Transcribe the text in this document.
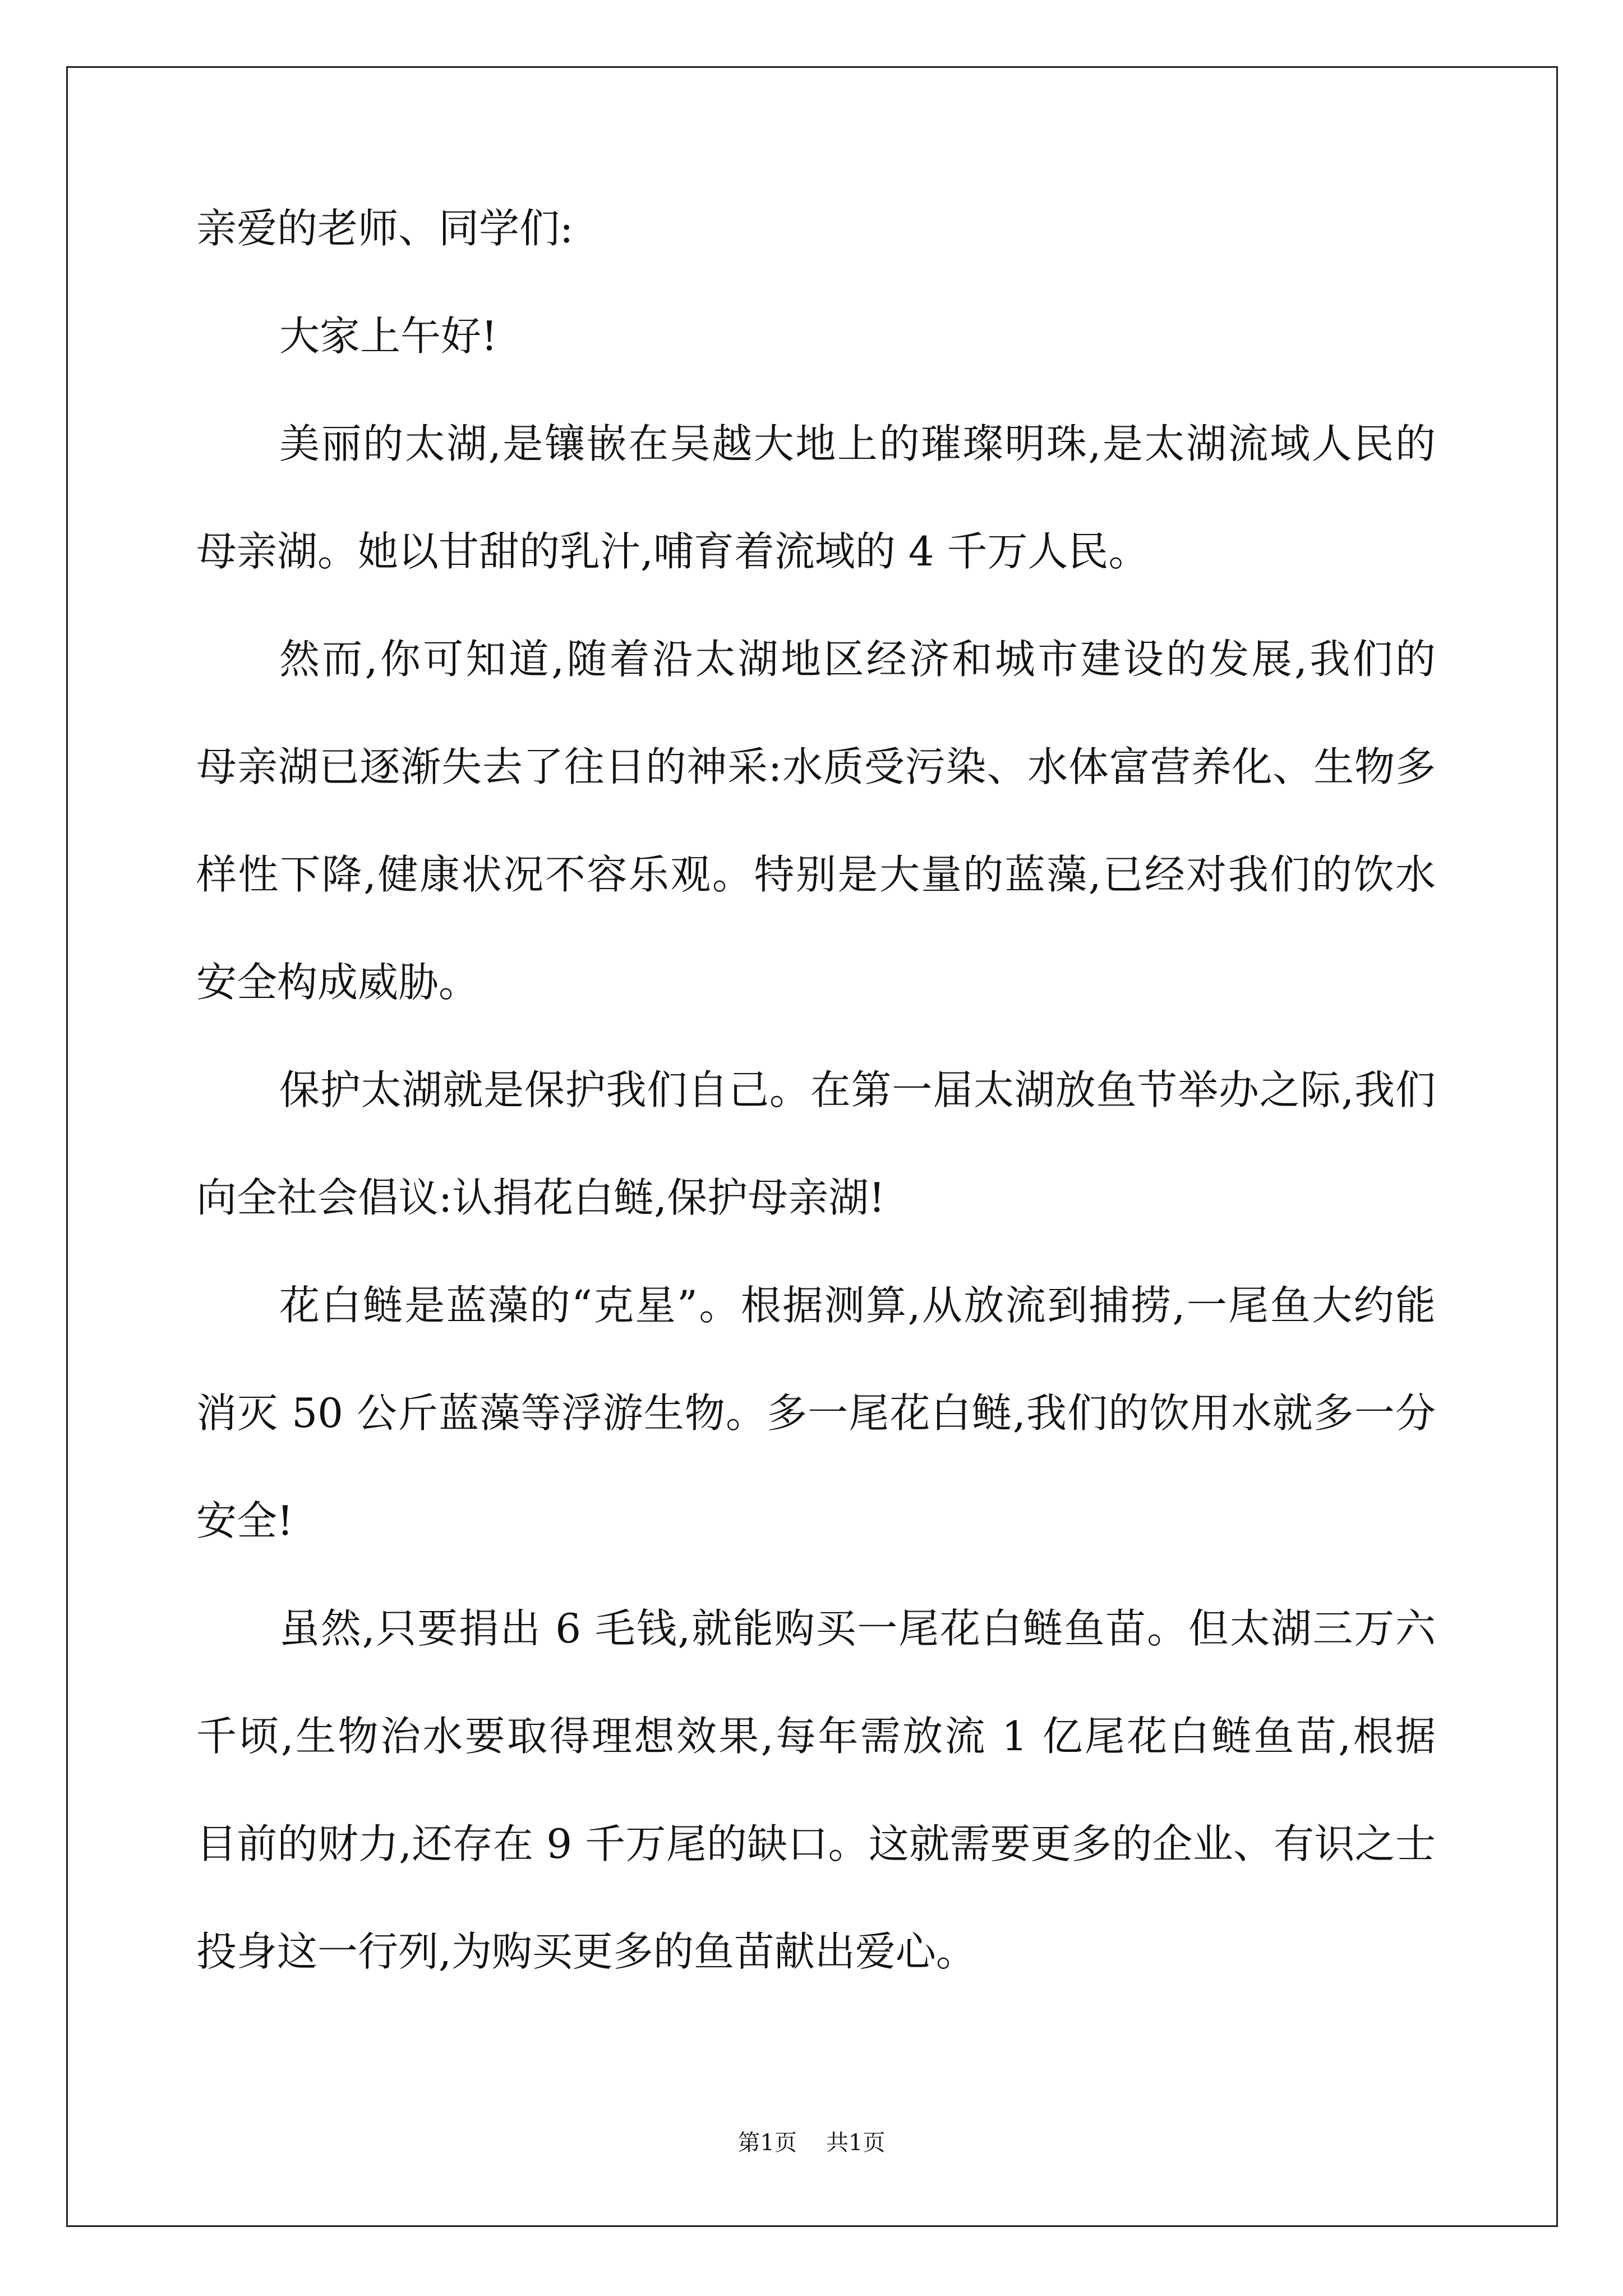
亲爱的老师、同学们:
大家上午好!
美丽的太湖,是镶嵌在吴越大地上的璀璨明珠,是太湖流域人民的
母亲湖。她以甘甜的乳汁,哺育着流域的 4 千万人民。
然而,你可知道,随着沿太湖地区经济和城市建设的发展,我们的
母亲湖已逐渐失去了往日的神采:水质受污染、水体富营养化、生物多
样性下降,健康状况不容乐观。特别是大量的蓝藻,已经对我们的饮水
安全构成威胁。
保护太湖就是保护我们自己。在第一届太湖放鱼节举办之际,我们
向全社会倡议:认捐花白鲢,保护母亲湖!
花白鲢是蓝藻的“克星”。根据测算,从放流到捕捞,一尾鱼大约能
消灭 50 公斤蓝藻等浮游生物。多一尾花白鲢,我们的饮用水就多一分
安全!
虽然,只要捐出 6 毛钱,就能购买一尾花白鲢鱼苗。但太湖三万六
千顷,生物治水要取得理想效果,每年需放流 1 亿尾花白鲢鱼苗,根据
目前的财力,还存在 9 千万尾的缺口。这就需要更多的企业、有识之士
投身这一行列,为购买更多的鱼苗献出爱心。
第1页 共1页
